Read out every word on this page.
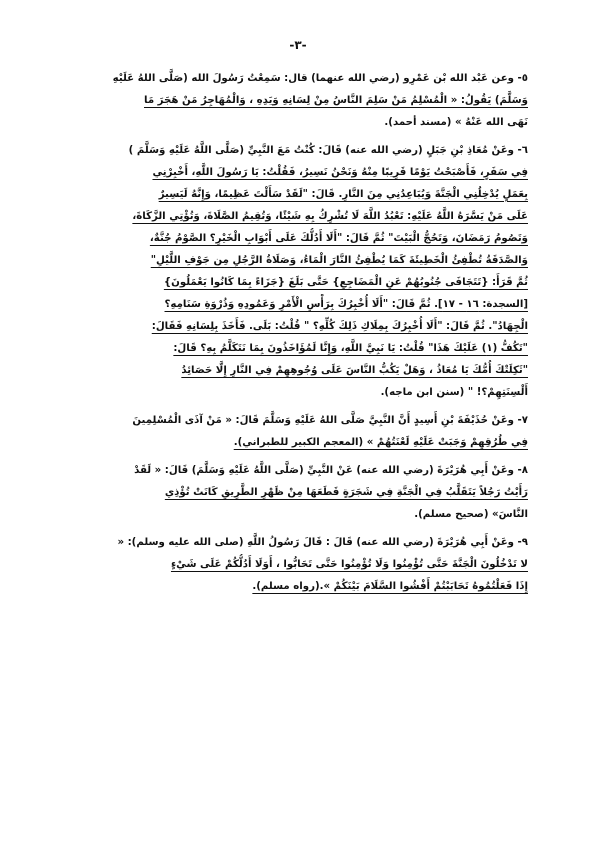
-٣-
٥- وعن عَبْد الله بْن عَمْرِو (رضي الله عنهما) قال: سَمِعْتُ رَسُولَ الله (صَلَّى اللهُ عَلَيْهِ
وَسَلَّمَ) يَقُولُ: « الْمُسْلِمُ مَنْ سَلِمَ النَّاسُ مِنْ لِسَانِهِ وَيَدِهِ ، وَالْمُهَاجِرُ مَنْ هَجَرَ مَا
نَهَى الله عَنْهُ » (مسند أحمد).
٦- وعَنْ مُعَاذِ بْنِ جَبَلٍ (رضي الله عنه) قَالَ: كُنْتُ مَعَ النَّبِيِّ (صَلَّى اللَّهُ عَلَيْهِ وَسَلَّمَ )
فِي سَفَرٍ، فَأَصْبَحْتُ يَوْمًا قَرِيبًا مِنْهُ وَنَحْنُ نَسِيرُ، فَقُلْتُ: يَا رَسُولَ اللَّهِ، أَخْبِرْنِي
بِعَمَلٍ يُدْخِلُنِي الْجَنَّةَ وَيُبَاعِدُنِي مِنَ النَّارِ. قَالَ: "لَقَدْ سَأَلْتَ عَظِيمًا، وَإِنَّهُ لَيَسِيرٌ
عَلَى مَنْ يَسَّرَهُ اللَّهُ عَلَيْهِ: تَعْبُدُ اللَّهَ لَا تُشْرِكُ بِهِ شَيْئًا، وَتُقِيمُ الصَّلَاةَ، وَتُؤْتِي الزَّكَاةَ،
وَتَصُومُ رَمَضَانَ، وَتَحُجُّ الْبَيْتَ" ثُمَّ قَالَ: "أَلَا أَدُلُّكَ عَلَى أَبْوَابِ الْخَيْرِ؟ الصَّوْمُ جُنَّةٌ،
وَالصَّدَقَةُ تُطْفِئُ الْخَطِيئَةَ كَمَا يُطْفِئُ النَّارَ الْمَاءُ، وَصَلَاةُ الرَّجُلِ مِن جَوْفِ اللَّيْلِ"
ثُمَّ قَرَأَ: {تَتَجَافَى جُنُوبُهُمْ عَنِ الْمَضَاجِعِ} حَتَّى بَلَغَ {جَزَاءً بِمَا كَانُوا يَعْمَلُونَ}
[السجدة: ١٦ - ١٧]. ثُمَّ قَالَ: "أَلَا أُخْبِرُكَ بِرَأْسِ الْأَمْرِ وَعَمُودِهِ وَذُرْوَةِ سَنَامِهِ؟
الْجِهَادُ". ثُمَّ قَالَ: "أَلَا أُخْبِرُكَ بِمِلَاكِ ذَلِكَ كُلِّهِ؟ " قُلْتُ: بَلَى. فَأَخَذَ بِلِسَانِهِ فَقَالَ:
"تَكُفُّ (١) عَلَيْكَ هَذَا" قُلْتُ: يَا نَبِيَّ اللَّهِ، وَإِنَّا لَمُؤَاخَذُونَ بِمَا نَتَكَلَّمُ بِهِ؟ قَالَ:
"ثَكِلَتْكَ أُمُّكَ يَا مُعَاذُ ، وَهَلْ يَكُبُّ النَّاسَ عَلَى وُجُوهِهِمْ فِي النَّارِ إِلَّا حَصَائِدُ
أَلْسِنَتِهِمْ؟! " (سنن ابن ماجه).
٧- وعَنْ حُذَيْفَةَ بْنِ أَسِيدٍ أَنَّ النَّبِيَّ صَلَّى اللهُ عَلَيْهِ وَسَلَّمَ قَالَ: « مَنْ آذَى الْمُسْلِمِينَ
فِي طُرُقِهِمْ وَجَبَتْ عَلَيْهِ لَعْنَتُهُمْ » (المعجم الكبير للطبراني).
٨- وعَنْ أَبِي هُرَيْرَةَ (رضي الله عنه) عَنْ النَّبِيِّ (صَلَّى اللَّهُ عَلَيْهِ وَسَلَّمَ) قَالَ: « لَقَدْ
رَأَيْتُ رَجُلاً يَتَقَلَّبُ فِي الْجَنَّةِ فِي شَجَرَةٍ قَطَعَهَا مِنْ ظَهْرِ الطَّرِيقِ كَانَتْ تُؤْذِي
النَّاسَ» (صحيح مسلم).
٩- وعَنْ أَبِي هُرَيْرَةَ (رضي الله عنه) قَالَ : قَالَ رَسُولُ اللَّهِ (صلى الله عليه وسلم): «
لا تَدْخُلُونَ الْجَنَّةَ حَتَّى تُؤْمِنُوا وَلَا تُؤْمِنُوا حَتَّى تَحَابُّوا ، أَوَلَا أَدُلُّكُمْ عَلَى شَيْءٍ
إِذَا فَعَلْتُمُوهُ تَحَابَبْتُمْ أَفْشُوا السَّلَامَ بَيْنَكُمْ ».(رواه مسلم).
